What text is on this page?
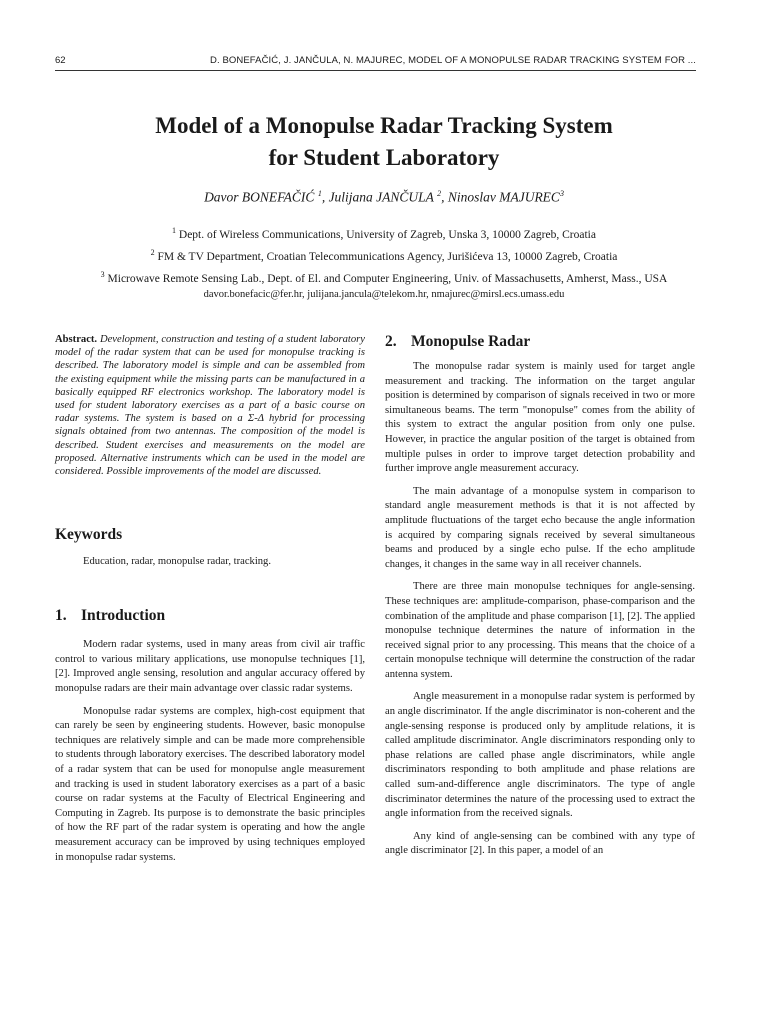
62	D. BONEFAČIĆ, J. JANČULA, N. MAJUREC, MODEL OF A MONOPULSE RADAR TRACKING SYSTEM FOR ...
Model of a Monopulse Radar Tracking System
for Student Laboratory
Davor BONEFAČIĆ $^1$, Julijana JANČULA $^2$, Ninoslav MAJUREC$^3$
$^1$ Dept. of Wireless Communications, University of Zagreb, Unska 3, 10000 Zagreb, Croatia
$^2$ FM & TV Department, Croatian Telecommunications Agency, Jurišićeva 13, 10000 Zagreb, Croatia
$^3$ Microwave Remote Sensing Lab., Dept. of El. and Computer Engineering, Univ. of Massachusetts, Amherst, Mass., USA
davor.bonefacic@fer.hr, julijana.jancula@telekom.hr, nmajurec@mirsl.ecs.umass.edu

Abstract. Development, construction and testing of a student laboratory model of the radar system that can be used for monopulse tracking is described. The laboratory model is simple and can be assembled from the existing equipment while the missing parts can be manufactured in a basically equipped RF electronics workshop. The laboratory model is used for student laboratory exercises as a part of a basic course on radar systems. The system is based on a Σ-Δ hybrid for processing signals obtained from two antennas. The composition of the model is described. Student exercises and measurements on the model are proposed. Alternative instruments which can be used in the model are considered. Possible improvements of the model are discussed.

Keywords
Education, radar, monopulse radar, tracking.
1. Introduction

Modern radar systems, used in many areas from civil air traffic control to various military applications, use monopulse techniques [1], [2]. Improved angle sensing, resolution and angular accuracy offered by monopulse radars are their main advantage over classic radar systems.

Monopulse radar systems are complex, high-cost equipment that can rarely be seen by engineering students. However, basic monopulse techniques are relatively simple and can be made more comprehensible to students through laboratory exercises. The described laboratory model of a radar system that can be used for monopulse angle measurement and tracking is used in student laboratory exercises as a part of a basic course on radar systems at the Faculty of Electrical Engineering and Computing in Zagreb. Its purpose is to demonstrate the basic principles of how the RF part of the radar system is operating and how the angle measurement accuracy can be improved by using techniques employed in monopulse radar systems.

2. Monopulse Radar

The monopulse radar system is mainly used for target angle measurement and tracking. The information on the target angular position is determined by comparison of signals received in two or more simultaneous beams. The term "monopulse" comes from the ability of this system to extract the angular position from only one pulse. However, in practice the angular position of the target is obtained from multiple pulses in order to improve target detection probability and further improve angle measurement accuracy.

The main advantage of a monopulse system in comparison to standard angle measurement methods is that it is not affected by amplitude fluctuations of the target echo because the angle information is acquired by comparing signals received by several simultaneous beams and produced by a single echo pulse. If the echo amplitude changes, it changes in the same way in all receiver channels.

There are three main monopulse techniques for angle-sensing. These techniques are: amplitude-comparison, phase-comparison and the combination of the amplitude and phase comparison [1], [2]. The applied monopulse technique determines the nature of information in the received signal prior to any processing. This means that the choice of a certain monopulse technique will determine the construction of the radar antenna system.

Angle measurement in a monopulse radar system is performed by an angle discriminator. If the angle discriminator is non-coherent and the angle-sensing response is produced only by amplitude relations, it is called amplitude discriminator. Angle discriminators responding only to phase relations are called phase angle discriminators, while angle discriminators responding to both amplitude and phase relations are called sum-and-difference angle discriminators. The type of angle discriminator determines the nature of the processing used to extract the angle information from the received signals.

Any kind of angle-sensing can be combined with any type of angle discriminator [2]. In this paper, a model of an
